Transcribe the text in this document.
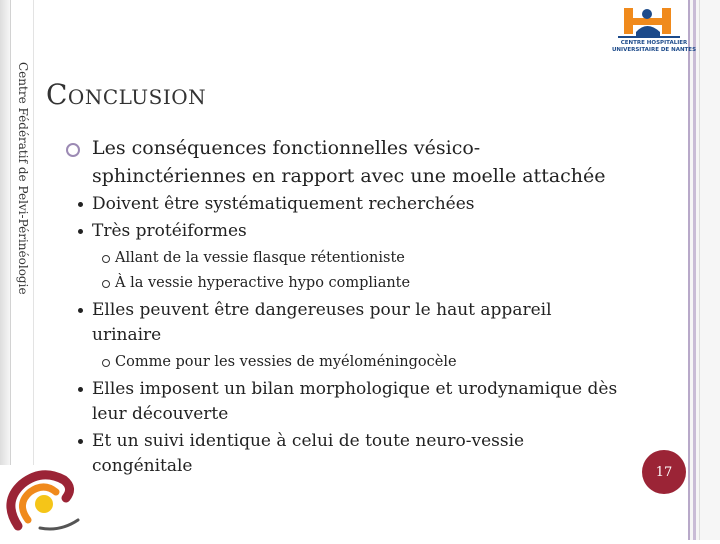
Centre Fédératif de Pelvi-Périnéologie
CENTRE HOSPITALIER
UNIVERSITAIRE DE NANTES
Conclusion
Les conséquences fonctionnelles vésico-sphinctériennes en rapport avec une moelle attachée
Doivent être systématiquement recherchées
Très protéiformes
Allant de la vessie flasque rétentioniste
À la vessie hyperactive hypo compliante
Elles peuvent être dangereuses pour le haut appareil urinaire
Comme pour les vessies de myéloméningocèle
Elles imposent un bilan morphologique et urodynamique dès leur découverte
Et un suivi identique à celui de toute neuro-vessie congénitale	17
